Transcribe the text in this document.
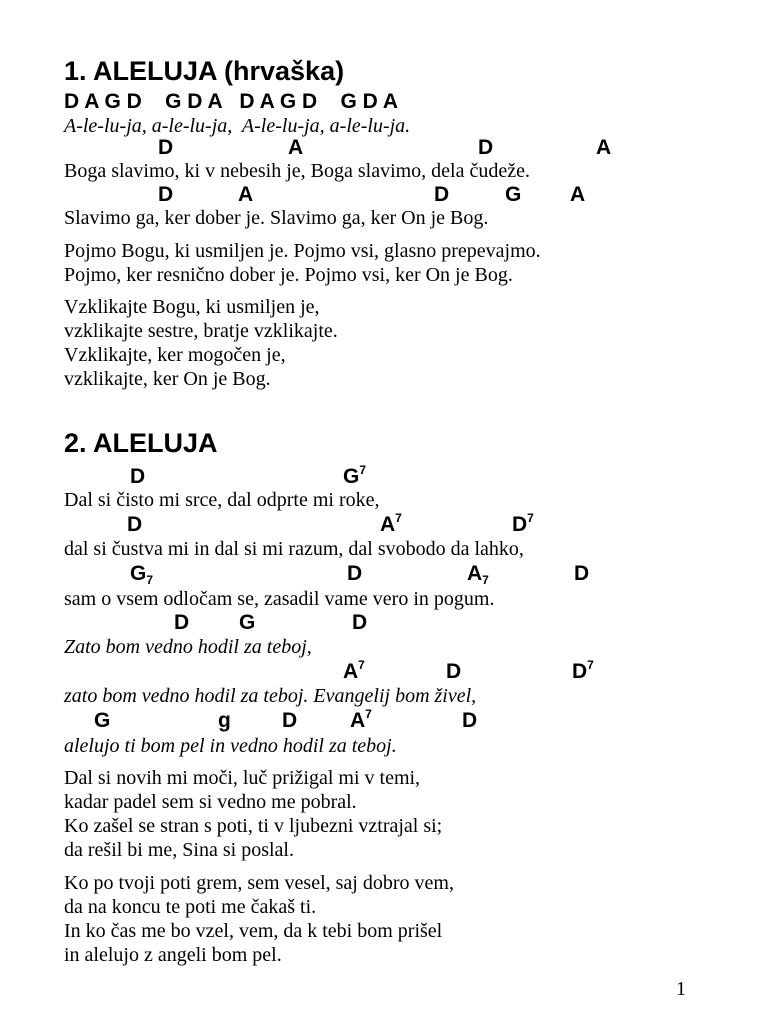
1. ALELUJA (hrvaška)
D A G D    G D A   D A G D    G D A
A-le-lu-ja, a-le-lu-ja,  A-le-lu-ja, a-le-lu-ja.
D	A	D	A
Boga slavimo, ki v nebesih je, Boga slavimo, dela čudeže.
D	A	D	G A
Slavimo ga, ker dober je. Slavimo ga, ker On je Bog.
Pojmo Bogu, ki usmiljen je. Pojmo vsi, glasno prepevajmo.
Pojmo, ker resnično dober je. Pojmo vsi, ker On je Bog.
Vzklikajte Bogu, ki usmiljen je,
vzklikajte sestre, bratje vzklikajte.
Vzklikajte, ker mogočen je,
vzklikajte, ker On je Bog.
2. ALELUJA
D	$G^7$
Dal si čisto mi srce, dal odprte mi roke,
D	$A^7$	$D^7$
dal si čustva mi in dal si mi razum, dal svobodo da lahko,
$G_7$	D	$A_7$	D
sam o vsem odločam se, zasadil vame vero in pogum.
D G	D
Zato bom vedno hodil za teboj,
$A^7$	D	$D^7$
zato bom vedno hodil za teboj. Evangelij bom živel,
G	g D	$A^7$	D
alelujo ti bom pel in vedno hodil za teboj.
Dal si novih mi moči, luč prižigal mi v temi,
kadar padel sem si vedno me pobral.
Ko zašel se stran s poti, ti v ljubezni vztrajal si;
da rešil bi me, Sina si poslal.
Ko po tvoji poti grem, sem vesel, saj dobro vem,
da na koncu te poti me čakaš ti.
In ko čas me bo vzel, vem, da k tebi bom prišel
in alelujo z angeli bom pel.
1
